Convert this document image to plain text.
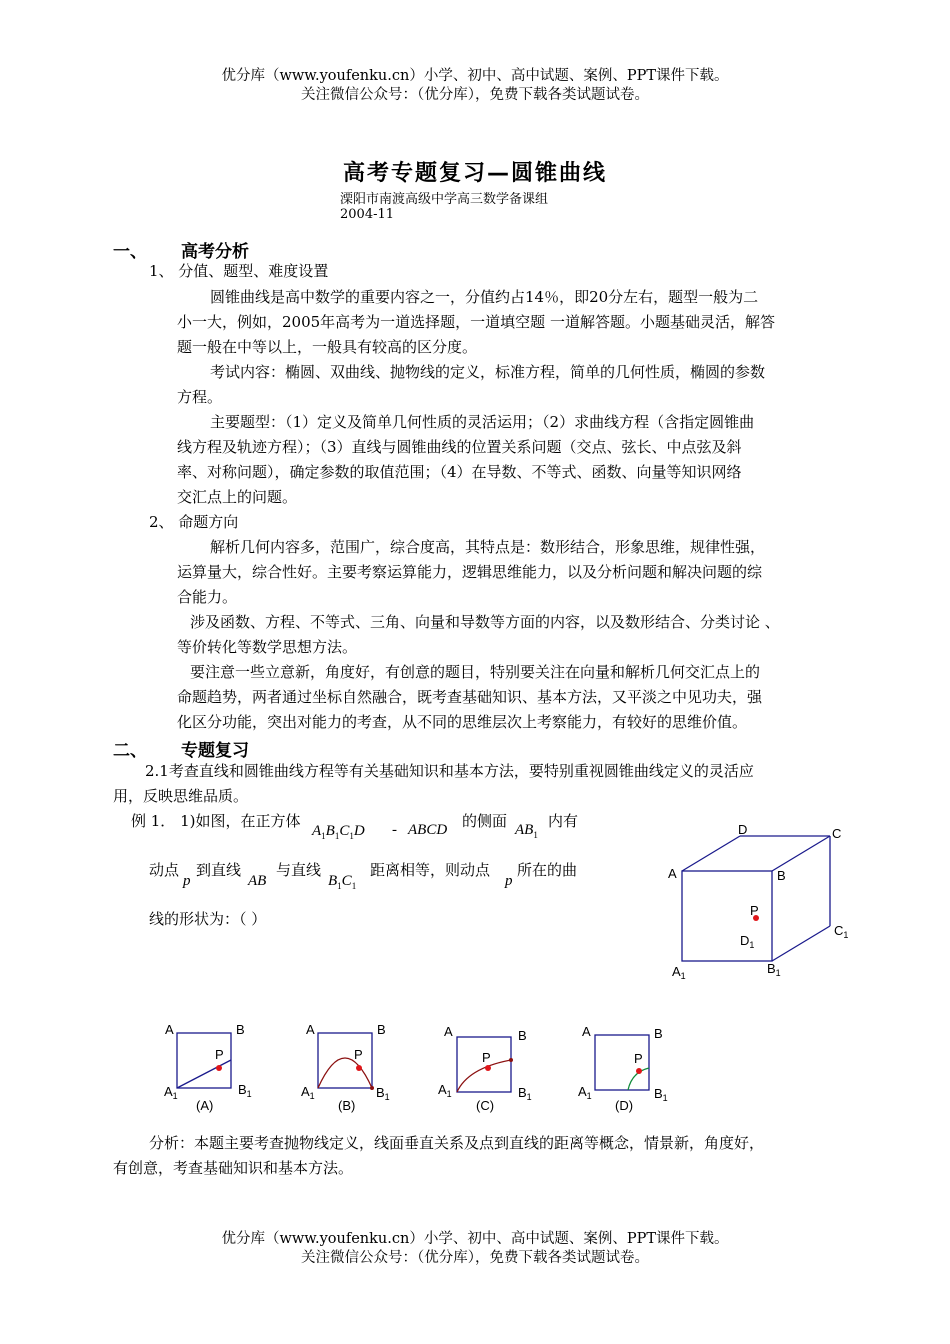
优分库（www.youfenku.cn）小学、初中、高中试题、案例、PPT课件下载。
关注微信公众号：（优分库），免费下载各类试题试卷。
高考专题复习—圆锥曲线
溧阳市南渡高级中学高三数学备课组
2004-11
一、 高考分析
1、 分值、题型、难度设置
圆锥曲线是高中数学的重要内容之一，分值约占14％，即20分左右，题型一般为二
小一大，例如，2005年高考为一道选择题，一道填空题 一道解答题。小题基础灵活，解答
题一般在中等以上，一般具有较高的区分度。
考试内容：椭圆、双曲线、抛物线的定义，标准方程，简单的几何性质，椭圆的参数
方程。
主要题型：（1）定义及简单几何性质的灵活运用；（2）求曲线方程（含指定圆锥曲
线方程及轨迹方程）；（3）直线与圆锥曲线的位置关系问题（交点、弦长、中点弦及斜
率、对称问题），确定参数的取值范围；（4）在导数、不等式、函数、向量等知识网络
交汇点上的问题。
2、 命题方向
解析几何内容多，范围广，综合度高，其特点是：数形结合，形象思维，规律性强，
运算量大，综合性好。主要考察运算能力，逻辑思维能力，以及分析问题和解决问题的综
合能力。
涉及函数、方程、不等式、三角、向量和导数等方面的内容，以及数形结合、分类讨论 、
等价转化等数学思想方法。
要注意一些立意新，角度好，有创意的题目，特别要关注在向量和解析几何交汇点上的
命题趋势，两者通过坐标自然融合，既考查基础知识、基本方法，又平淡之中见功夫，强
化区分功能，突出对能力的考查，从不同的思维层次上考察能力，有较好的思维价值。
二、 专题复习
2.1考查直线和圆锥曲线方程等有关基础知识和基本方法，要特别重视圆锥曲线定义的灵活应
用，反映思维品质。
例 1． 1)如图，在正方体
$A_1B_1C_1D$ - ABCD 的侧面 $AB_1$
内有
动点
p
到直线
AB
与直线
$B_1C_1$
距离相等，则动点
p
所在的曲
线的形状为：（ ）
D	C
A	B
P
$D_1$
$C_1$
$A_1$	$B_1$
A	B
P
$A_1$	$B_1$
(A)
A	B
P
$A_1$	$B_1$
(B)
A	B
P
$A_1$	$B_1$
(C)
A	B
P
$A_1$	$B_1$
(D)
分析：本题主要考查抛物线定义，线面垂直关系及点到直线的距离等概念，情景新，角度好，
有创意，考查基础知识和基本方法。
优分库（www.youfenku.cn）小学、初中、高中试题、案例、PPT课件下载。
关注微信公众号：（优分库），免费下载各类试题试卷。
